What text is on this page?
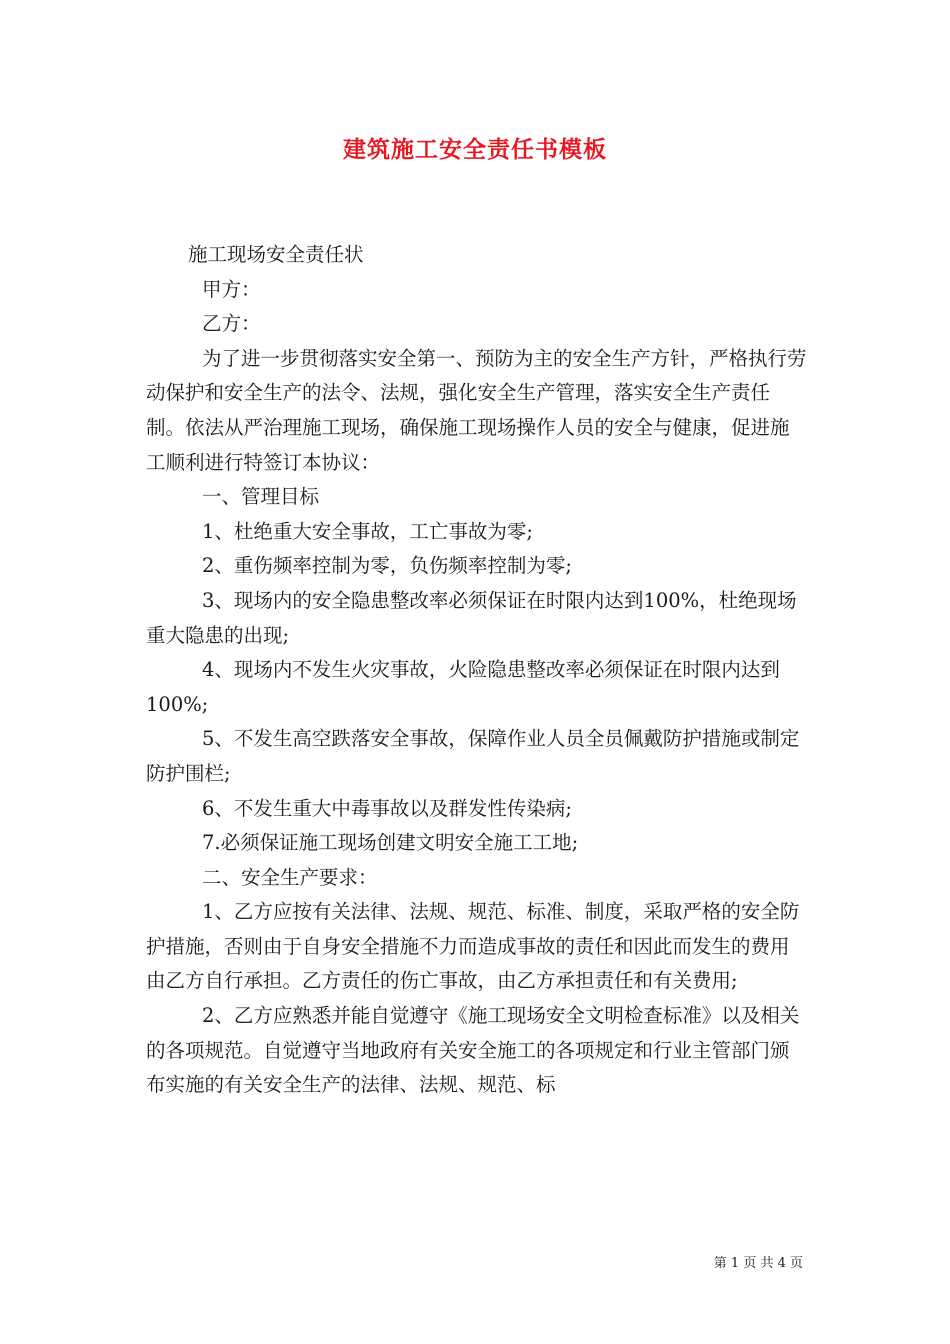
建筑施工安全责任书模板

施工现场安全责任状

甲方：

乙方：

为了进一步贯彻落实安全第一、预防为主的安全生产方针，严格执行劳动保护和安全生产的法令、法规，强化安全生产管理，落实安全生产责任制。依法从严治理施工现场，确保施工现场操作人员的安全与健康，促进施工顺利进行特签订本协议：

一、管理目标

1、杜绝重大安全事故，工亡事故为零;

2、重伤频率控制为零，负伤频率控制为零;

3、现场内的安全隐患整改率必须保证在时限内达到100%，杜绝现场重大隐患的出现;

4、现场内不发生火灾事故，火险隐患整改率必须保证在时限内达到100%;

5、不发生高空跌落安全事故，保障作业人员全员佩戴防护措施或制定防护围栏;

6、不发生重大中毒事故以及群发性传染病;

7.必须保证施工现场创建文明安全施工工地;

二、安全生产要求：

1、乙方应按有关法律、法规、规范、标准、制度，采取严格的安全防护措施，否则由于自身安全措施不力而造成事故的责任和因此而发生的费用由乙方自行承担。乙方责任的伤亡事故，由乙方承担责任和有关费用;

2、乙方应熟悉并能自觉遵守《施工现场安全文明检查标准》以及相关的各项规范。自觉遵守当地政府有关安全施工的各项规定和行业主管部门颁布实施的有关安全生产的法律、法规、规范、标

第 1 页 共 4 页
